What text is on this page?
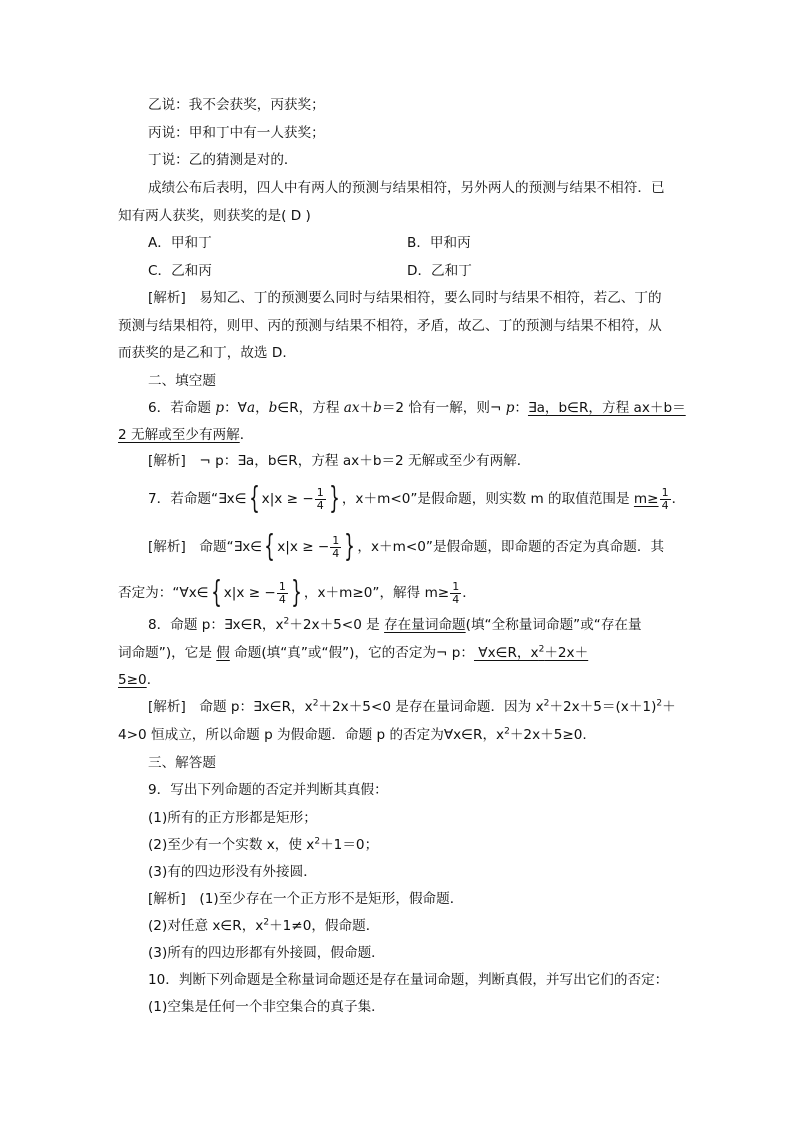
乙说：我不会获奖，丙获奖；
丙说：甲和丁中有一人获奖；
丁说：乙的猜测是对的．
成绩公布后表明，四人中有两人的预测与结果相符，另外两人的预测与结果不相符．已
知有两人获奖，则获奖的是( D )
A．甲和丁	B．甲和丙
C．乙和丙	D．乙和丁
[解析]　易知乙、丁的预测要么同时与结果相符，要么同时与结果不相符，若乙、丁的
预测与结果相符，则甲、丙的预测与结果不相符，矛盾，故乙、丁的预测与结果不相符，从
而获奖的是乙和丁，故选 D.
二、填空题
6．若命题 p：∀a，b∈R，方程 ax＋b＝2 恰有一解，则¬ p：∃a，b∈R，方程 ax＋b＝
2 无解或至少有两解．
[解析]　¬ p：∃a，b∈R，方程 ax＋b＝2 无解或至少有两解．
7．若命题“∃x∈{ x|x ≥ − $\frac{1}{4}$ } ，x＋m<0”是假命题，则实数 m 的取值范围是 $m\ge \frac{1}{4}$ ．
[解析]　命题“∃x∈{ x|x ≥ − $\frac{1}{4}$ } ，x＋m<0”是假命题，即命题的否定为真命题．其
否定为：“∀x∈{ x|x ≥ − $\frac{1}{4}$ } ，x＋m≥0”，解得 $m\ge \frac{1}{4}$ ．
8．命题 p：∃x∈R，$x^2+2x+5<0$ 是 存在量词命题(填“全称量词命题”或“存在量
词命题”)，它是 假 命题(填“真”或“假”)，它的否定为¬ p： ∀x∈R，$x^2+2x+$
5≥0．
[解析]　命题 p：∃x∈R，$x^2+2x+5<0$ 是存在量词命题．因为 $x^2+2x+5=(x+1)^2+$
4>0 恒成立，所以命题 p 为假命题．命题 p 的否定为∀x∈R，$x^2+2x+5\ge 0$.
三、解答题
9．写出下列命题的否定并判断其真假：
(1)所有的正方形都是矩形；
(2)至少有一个实数 x，使 $x^2+1=0$；
(3)有的四边形没有外接圆．
[解析]　(1)至少存在一个正方形不是矩形，假命题．
(2)对任意 x∈R，$x^2+1\ne 0$，假命题．
(3)所有的四边形都有外接圆，假命题．
10．判断下列命题是全称量词命题还是存在量词命题，判断真假，并写出它们的否定：
(1)空集是任何一个非空集合的真子集．
